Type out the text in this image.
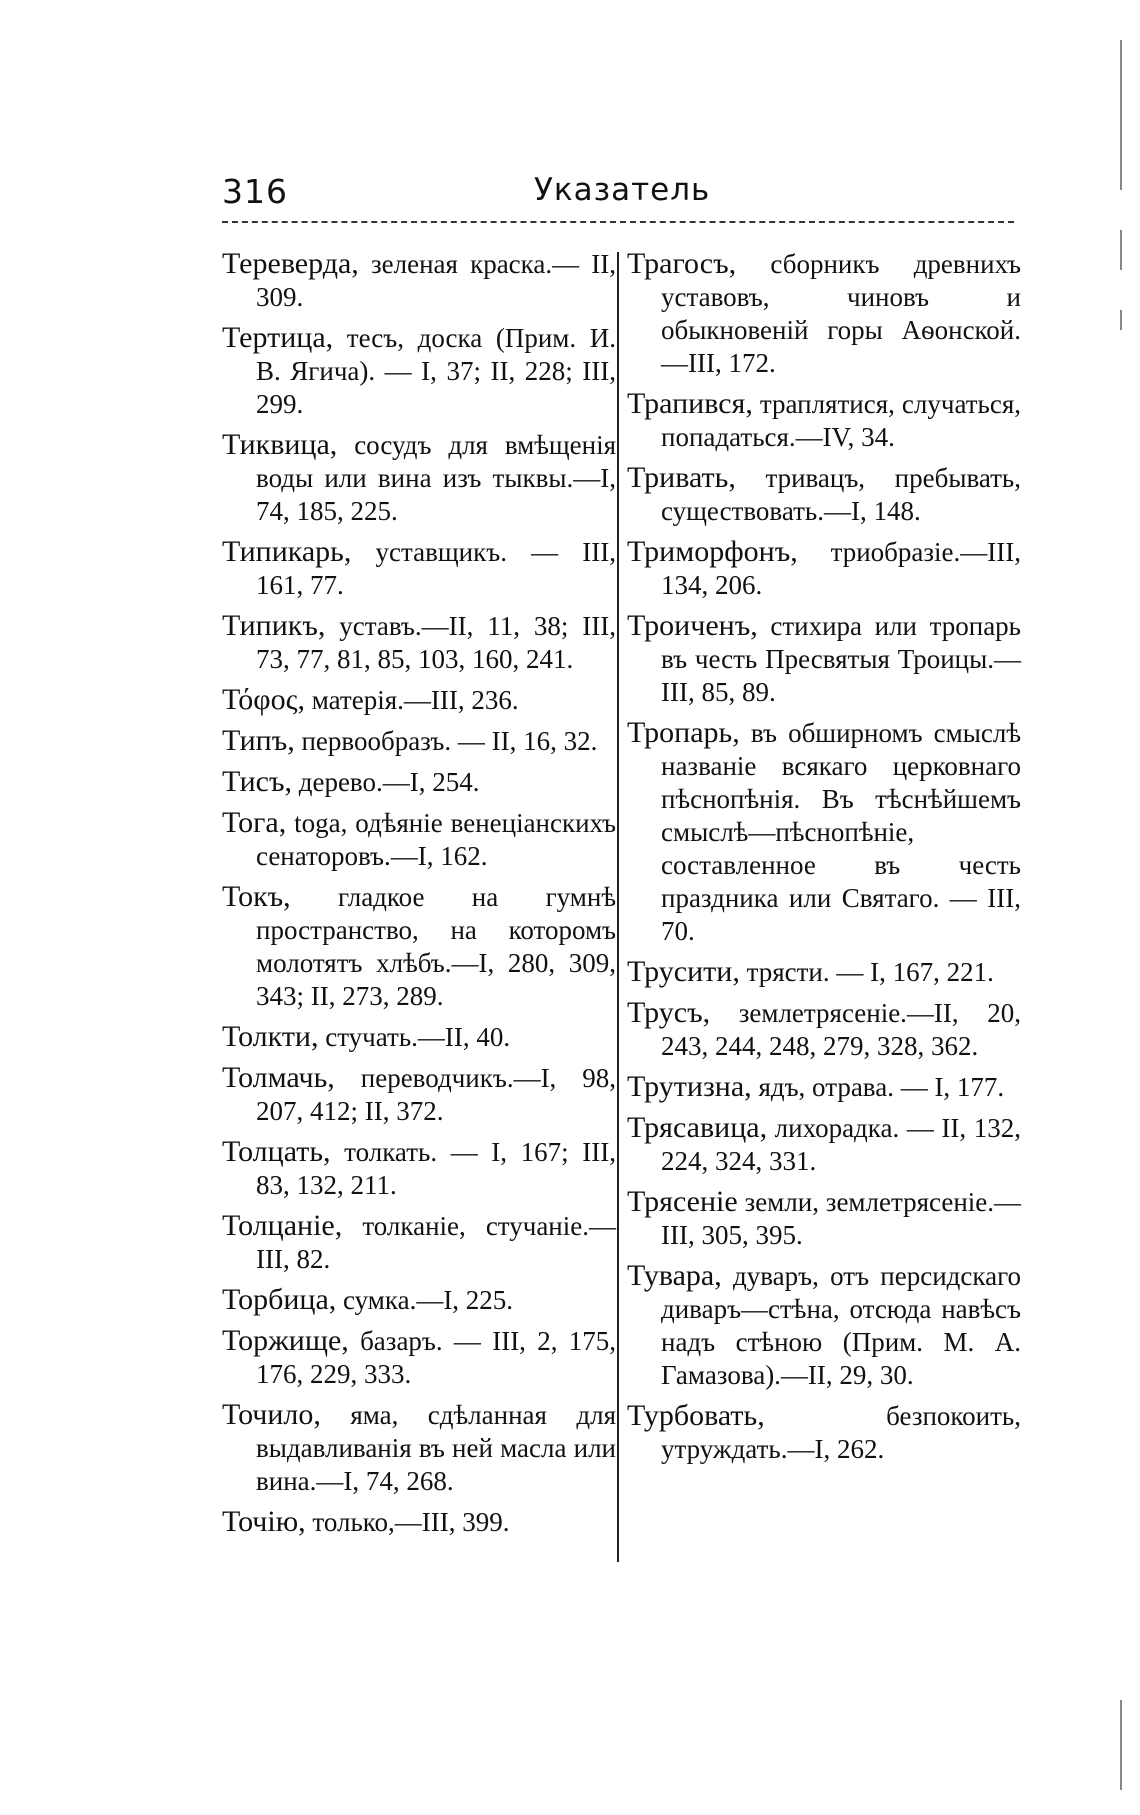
316	Указатель

Тереверда, зеленая краска.— II, 309.

Тертица, тесъ, доска (Прим. И. В. Ягича). — I, 37; II, 228; III, 299.

Тиквица, сосудъ для вмѣщенія воды или вина изъ тыквы.—I, 74, 185, 225.

Типикарь, уставщикъ. — III, 161, 77.

Типикъ, уставъ.—II, 11, 38; III, 73, 77, 81, 85, 103, 160, 241.

Τόφος, матерія.—III, 236.

Типъ, первообразъ. — II, 16, 32.

Тисъ, дерево.—I, 254.

Тога, toga, одѣяніе венеціанскихъ сенаторовъ.—I, 162.

Токъ, гладкое на гумнѣ пространство, на которомъ молотятъ хлѣбъ.—I, 280, 309, 343; II, 273, 289.

Толкти, стучать.—II, 40.

Толмачь, переводчикъ.—I, 98, 207, 412; II, 372.

Толцать, толкать. — I, 167; III, 83, 132, 211.

Толцаніе, толканіе, стучаніе.— III, 82.

Торбица, сумка.—I, 225.

Торжище, базаръ. — III, 2, 175, 176, 229, 333.

Точило, яма, сдѣланная для выдавливанія въ ней масла или вина.—I, 74, 268.

Точію, только,—III, 399.

Трагосъ, сборникъ древнихъ уставовъ, чиновъ и обыкновеній горы Аѳонской.—III, 172.

Трапився, траплятися, случаться, попадаться.—IV, 34.

Тривать, тривацъ, пребывать, существовать.—I, 148.

Триморфонъ, триобразіе.—III, 134, 206.

Троиченъ, стихира или тропарь въ честь Пресвятыя Троицы.—III, 85, 89.

Тропарь, въ обширномъ смыслѣ названіе всякаго церковнаго пѣснопѣнія. Въ тѣснѣйшемъ смыслѣ—пѣснопѣніе, составленное въ честь праздника или Святаго. — III, 70.

Трусити, трясти. — I, 167, 221.

Трусъ, землетрясеніе.—II, 20, 243, 244, 248, 279, 328, 362.

Трутизна, ядъ, отрава. — I, 177.

Трясавица, лихорадка. — II, 132, 224, 324, 331.

Трясеніе земли, землетрясеніе.—III, 305, 395.

Тувара, дуваръ, отъ персидскаго диваръ—стѣна, отсюда навѣсъ надъ стѣною (Прим. М. А. Гамазова).—II, 29, 30.

Турбовать,	безпокоить, утруждать.—I, 262.
